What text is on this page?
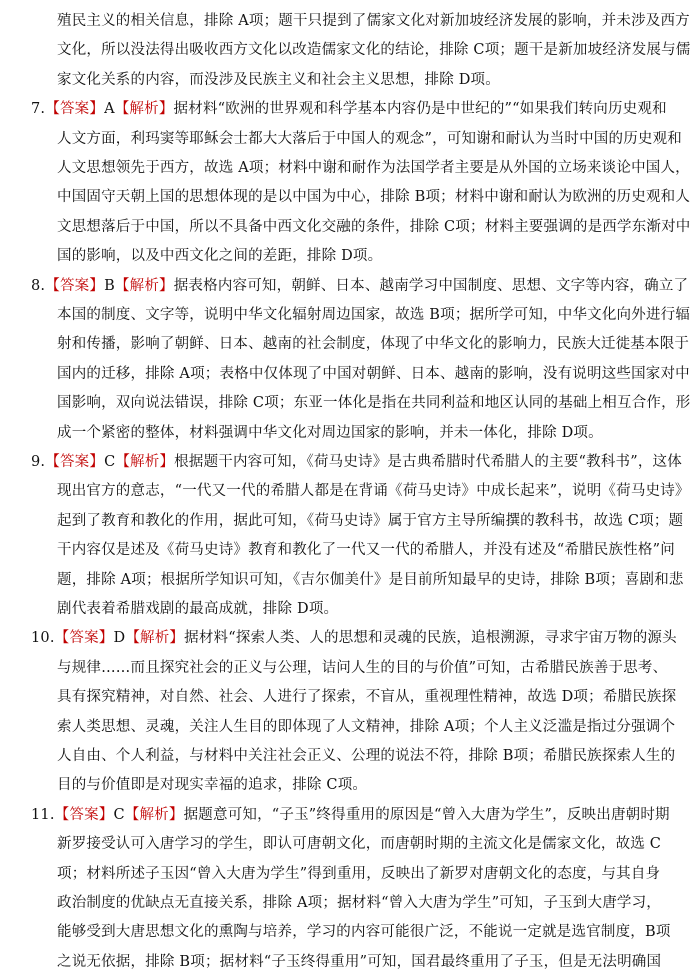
殖民主义的相关信息，排除 A项；题干只提到了儒家文化对新加坡经济发展的影响，并未涉及西方
文化，所以没法得出吸收西方文化以改造儒家文化的结论，排除 C项；题干是新加坡经济发展与儒
家文化关系的内容，而没涉及民族主义和社会主义思想，排除 D项。
7.【答案】A【解析】据材料“欧洲的世界观和科学基本内容仍是中世纪的”“如果我们转向历史观和
人文方面，利玛窦等耶稣会士都大大落后于中国人的观念”，可知谢和耐认为当时中国的历史观和
人文思想领先于西方，故选 A项；材料中谢和耐作为法国学者主要是从外国的立场来谈论中国人，
中国固守天朝上国的思想体现的是以中国为中心，排除 B项；材料中谢和耐认为欧洲的历史观和人
文思想落后于中国，所以不具备中西文化交融的条件，排除 C项；材料主要强调的是西学东渐对中
国的影响，以及中西文化之间的差距，排除 D项。
8.【答案】B【解析】据表格内容可知，朝鲜、日本、越南学习中国制度、思想、文字等内容，确立了
本国的制度、文字等，说明中华文化辐射周边国家，故选 B项；据所学可知，中华文化向外进行辐
射和传播，影响了朝鲜、日本、越南的社会制度，体现了中华文化的影响力，民族大迁徙基本限于
国内的迁移，排除 A项；表格中仅体现了中国对朝鲜、日本、越南的影响，没有说明这些国家对中
国影响，双向说法错误，排除 C项；东亚一体化是指在共同利益和地区认同的基础上相互合作，形
成一个紧密的整体，材料强调中华文化对周边国家的影响，并未一体化，排除 D项。
9.【答案】C【解析】根据题干内容可知，《荷马史诗》是古典希腊时代希腊人的主要“教科书”，这体
现出官方的意志，“一代又一代的希腊人都是在背诵《荷马史诗》中成长起来”，说明《荷马史诗》
起到了教育和教化的作用，据此可知，《荷马史诗》属于官方主导所编撰的教科书，故选 C项；题
干内容仅是述及《荷马史诗》教育和教化了一代又一代的希腊人，并没有述及“希腊民族性格”问
题，排除 A项；根据所学知识可知，《吉尔伽美什》是目前所知最早的史诗，排除 B项；喜剧和悲
剧代表着希腊戏剧的最高成就，排除 D项。
10.【答案】D【解析】据材料“探索人类、人的思想和灵魂的民族，追根溯源，寻求宇宙万物的源头
与规律……而且探究社会的正义与公理，诘问人生的目的与价值”可知，古希腊民族善于思考、
具有探究精神，对自然、社会、人进行了探索，不盲从，重视理性精神，故选 D项；希腊民族探
索人类思想、灵魂，关注人生目的即体现了人文精神，排除 A项；个人主义泛滥是指过分强调个
人自由、个人利益，与材料中关注社会正义、公理的说法不符，排除 B项；希腊民族探索人生的
目的与价值即是对现实幸福的追求，排除 C项。
11.【答案】C【解析】据题意可知，“子玉”终得重用的原因是“曾入大唐为学生”，反映出唐朝时期
新罗接受认可入唐学习的学生，即认可唐朝文化，而唐朝时期的主流文化是儒家文化，故选 C
项；材料所述子玉因“曾入大唐为学生”得到重用，反映出了新罗对唐朝文化的态度，与其自身
政治制度的优缺点无直接关系，排除 A项；据材料“曾入大唐为学生”可知，子玉到大唐学习，
能够受到大唐思想文化的熏陶与培养，学习的内容可能很广泛，不能说一定就是选官制度，B项
之说无依据，排除 B项；据材料“子玉终得重用”可知，国君最终重用了子玉，但是无法明确国
